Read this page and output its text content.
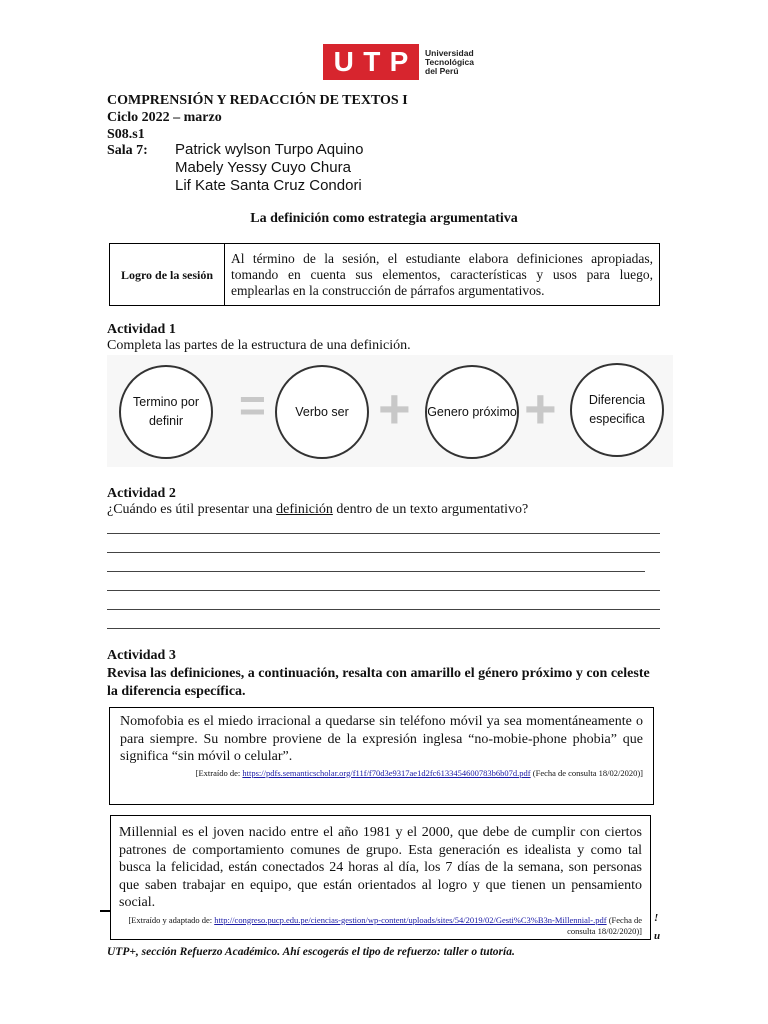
U T P Universidad
Tecnológica
del Perú
COMPRENSIÓN Y REDACCIÓN DE TEXTOS I
Ciclo 2022 – marzo
S08.s1
Sala 7: Patrick wylson Turpo Aquino
Mabely Yessy Cuyo Chura
Lif Kate Santa Cruz Condori
La definición como estrategia argumentativa
Logro de la sesión	Al término de la sesión, el estudiante elabora definiciones apropiadas, tomando en cuenta sus elementos, características y usos para luego, emplearlas en la construcción de párrafos argumentativos.
Actividad 1
Completa las partes de la estructura de una definición.
Termino por definir	=	Verbo ser + Genero próximo +	Diferencia especifica
Actividad 2
¿Cuándo es útil presentar una definición dentro de un texto argumentativo?
Actividad 3
Revisa las definiciones, a continuación, resalta con amarillo el género próximo y con celeste la diferencia específica.
Nomofobia es el miedo irracional a quedarse sin teléfono móvil ya sea momentáneamente o para siempre. Su nombre proviene de la expresión inglesa “no-mobie-phone phobia” que significa “sin móvil o celular”.
[Extraído de: https://pdfs.semanticscholar.org/f11f/f70d3e9317ae1d2fc6133454600783b6b07d.pdf (Fecha de consulta 18/02/2020)]
!
u
UTP+, sección Refuerzo Académico. Ahí escogerás el tipo de refuerzo: taller o tutoría.
Millennial es el joven nacido entre el año 1981 y el 2000, que debe de cumplir con ciertos patrones de comportamiento comunes de grupo. Esta generación es idealista y como tal busca la felicidad, están conectados 24 horas al día, los 7 días de la semana, son personas que saben trabajar en equipo, que están orientados al logro y que tienen un pensamiento social.
[Extraído y adaptado de: http://congreso.pucp.edu.pe/ciencias-gestion/wp-content/uploads/sites/54/2019/02/Gesti%C3%B3n-Millennial-.pdf (Fecha de consulta 18/02/2020)]
